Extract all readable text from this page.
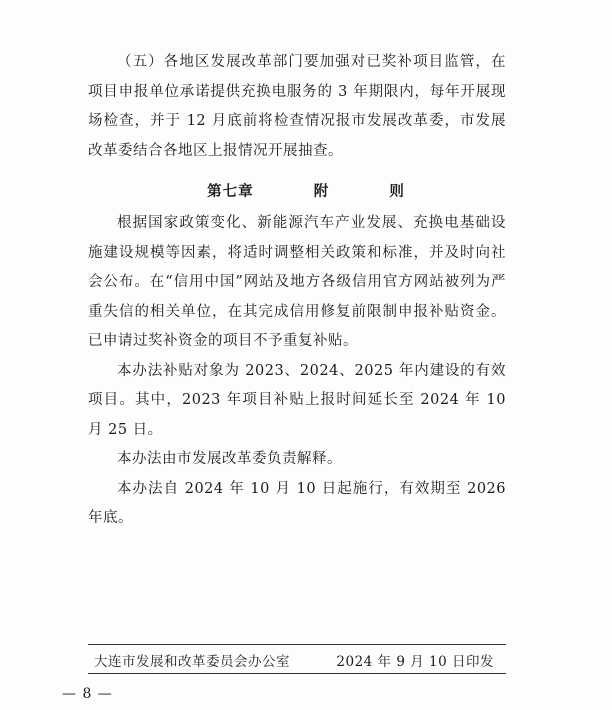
（五）各地区发展改革部门要加强对已奖补项目监管，在项目申报单位承诺提供充换电服务的 3 年期限内，每年开展现场检查，并于 12 月底前将检查情况报市发展改革委，市发展改革委结合各地区上报情况开展抽查。

第七章   附   则

根据国家政策变化、新能源汽车产业发展、充换电基础设施建设规模等因素，将适时调整相关政策和标准，并及时向社会公布。在“信用中国”网站及地方各级信用官方网站被列为严重失信的相关单位，在其完成信用修复前限制申报补贴资金。已申请过奖补资金的项目不予重复补贴。

本办法补贴对象为 2023、2024、2025 年内建设的有效项目。其中，2023 年项目补贴上报时间延长至 2024 年 10 月 25 日。

本办法由市发展改革委负责解释。

本办法自 2024 年 10 月 10 日起施行，有效期至 2026 年底。

大连市发展和改革委员会办公室	2024 年 9 月 10 日印发
— 8 —
